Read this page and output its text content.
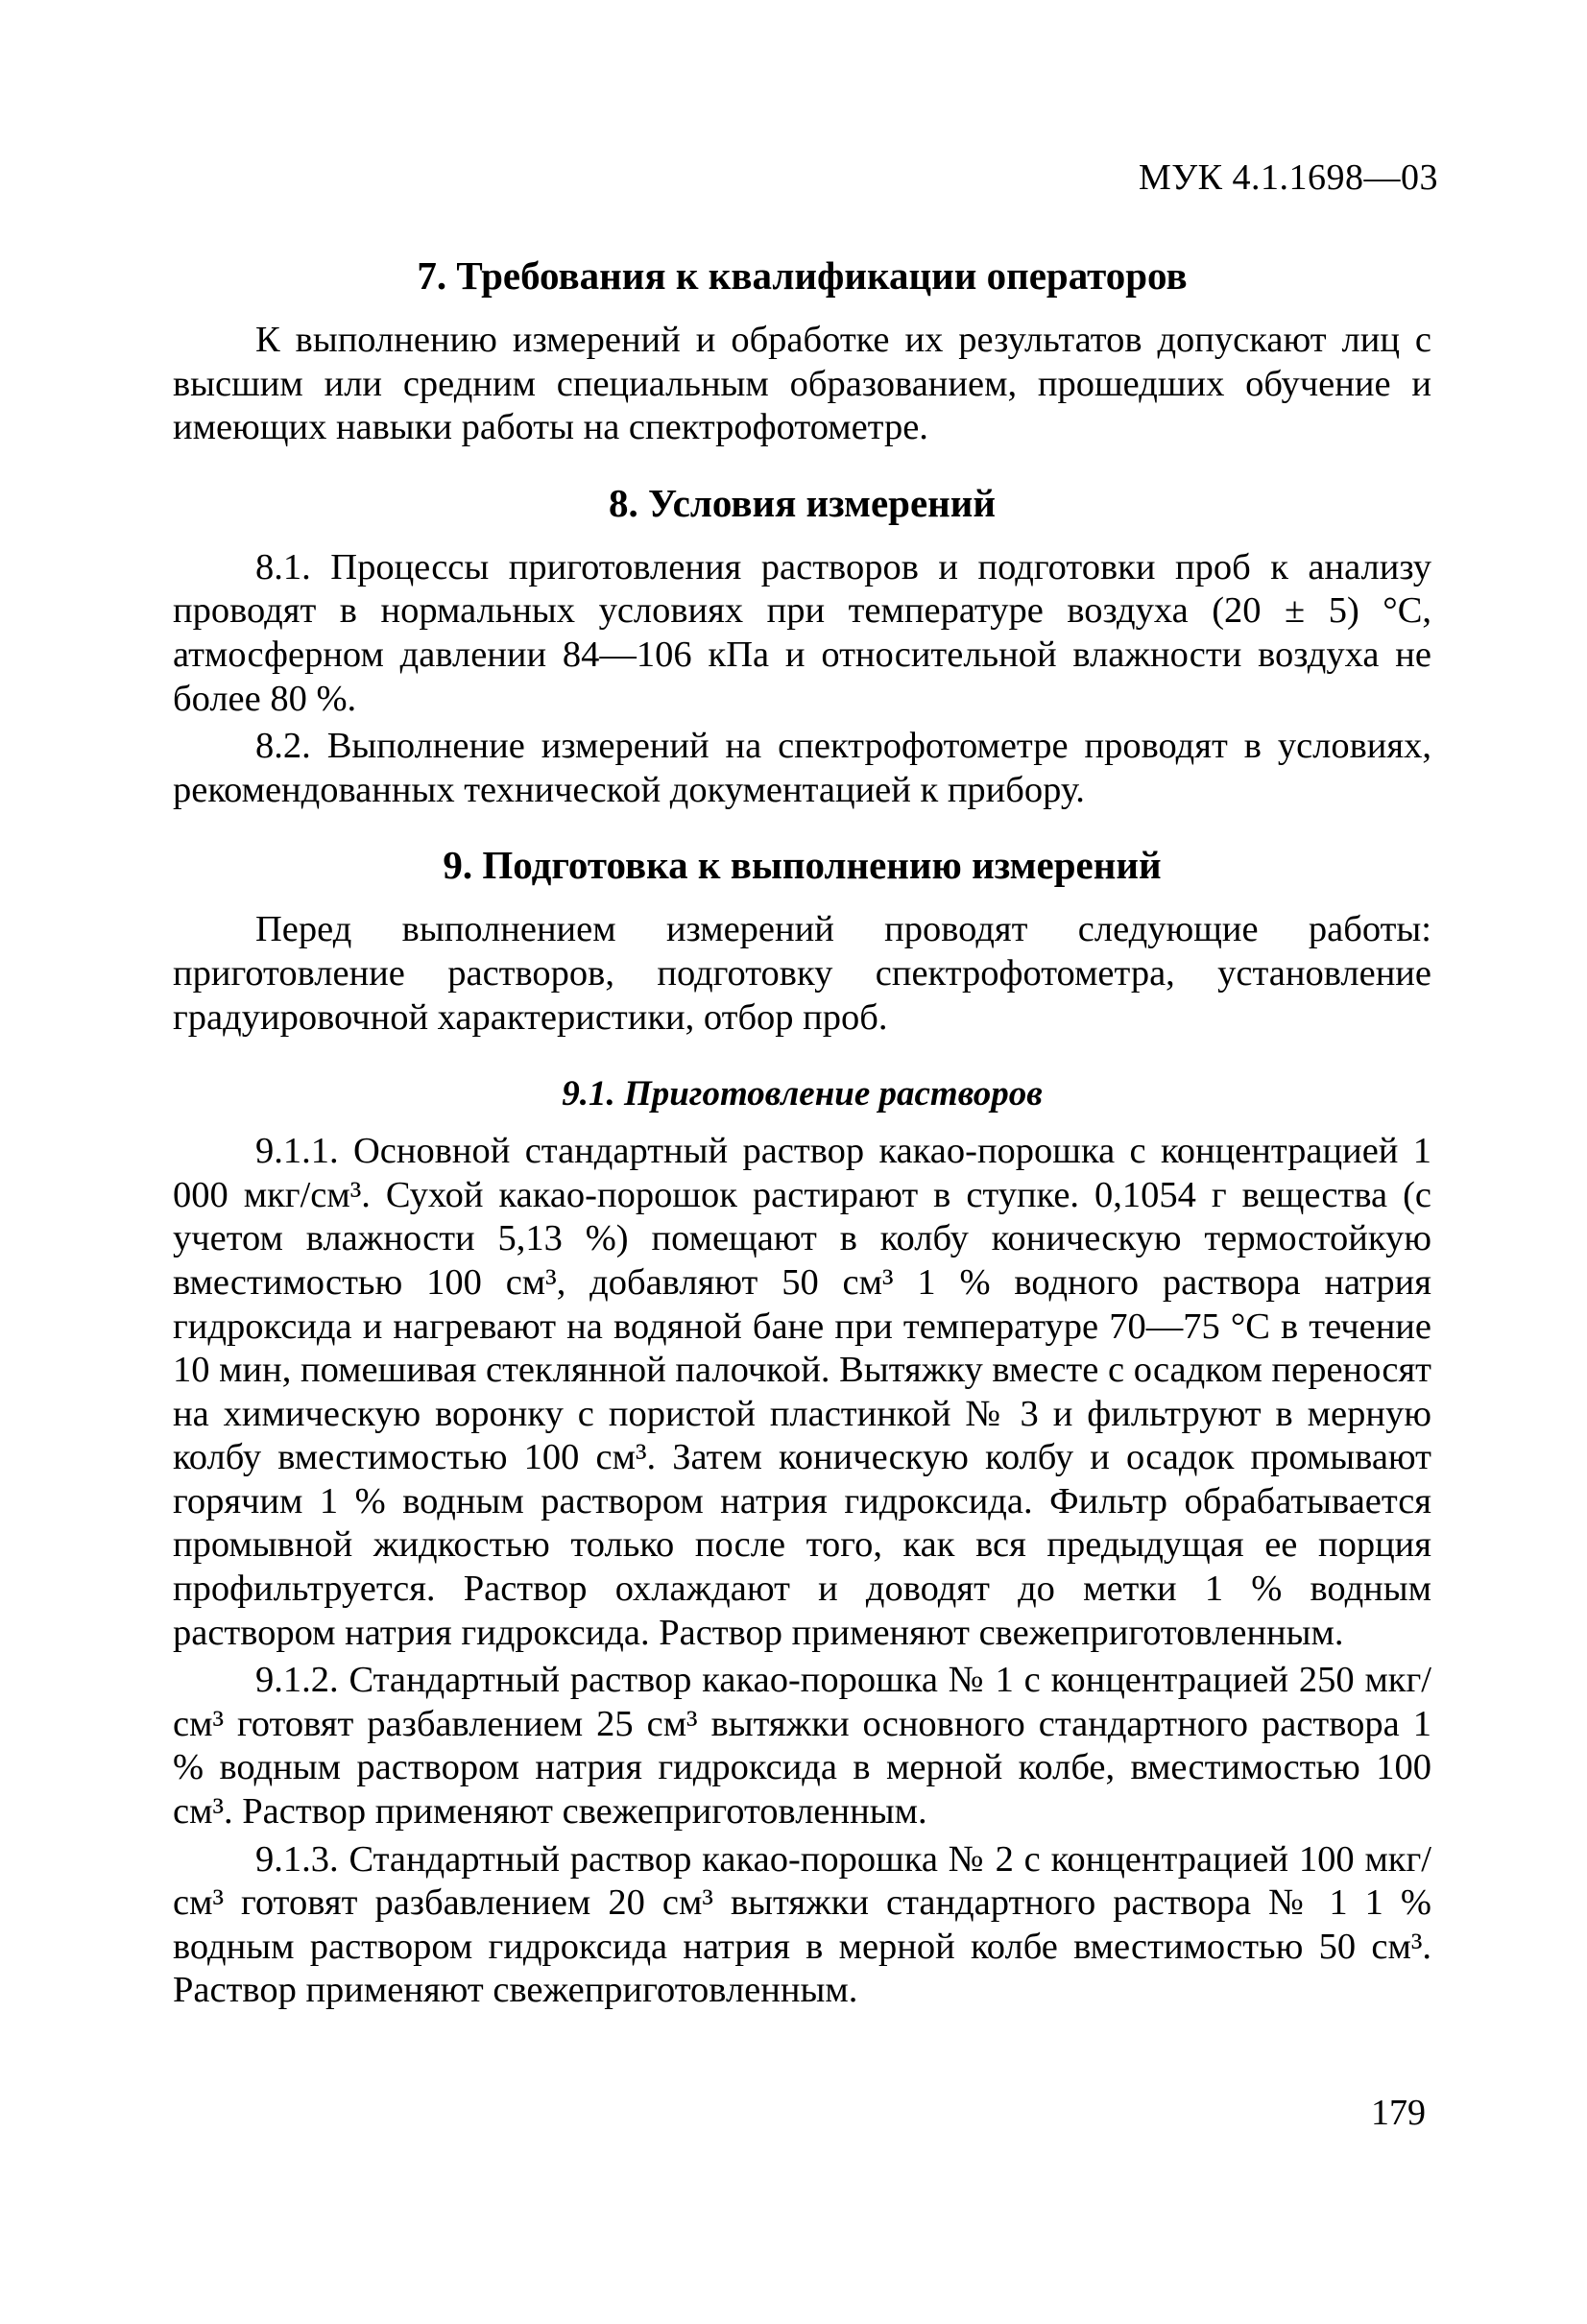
МУК 4.1.1698—03
7. Требования к квалификации операторов

К выполнению измерений и обработке их результатов допускают лиц с высшим или средним специальным образованием, прошедших обучение и имеющих навыки работы на спектрофотометре.

8. Условия измерений

8.1. Процессы приготовления растворов и подготовки проб к анализу проводят в нормальных условиях при температуре воздуха (20 ± 5) °С, атмосферном давлении 84—106 кПа и относительной влажности воздуха не более 80 %.

8.2. Выполнение измерений на спектрофотометре проводят в условиях, рекомендованных технической документацией к прибору.

9. Подготовка к выполнению измерений

Перед выполнением измерений проводят следующие работы: приготовление растворов, подготовку спектрофотометра, установление градуировочной характеристики, отбор проб.

9.1. Приготовление растворов

9.1.1. Основной стандартный раствор какао-порошка с концентрацией 1 000 мкг/см³. Сухой какао-порошок растирают в ступке. 0,1054 г вещества (с учетом влажности 5,13 %) помещают в колбу коническую термостойкую вместимостью 100 см³, добавляют 50 см³ 1 % водного раствора натрия гидроксида и нагревают на водяной бане при температуре 70—75 °С в течение 10 мин, помешивая стеклянной палочкой. Вытяжку вместе с осадком переносят на химическую воронку с пористой пластинкой № 3 и фильтруют в мерную колбу вместимостью 100 см³. Затем коническую колбу и осадок промывают горячим 1 % водным раствором натрия гидроксида. Фильтр обрабатывается промывной жидкостью только после того, как вся предыдущая ее порция профильтруется. Раствор охлаждают и доводят до метки 1 % водным раствором натрия гидроксида. Раствор применяют свежеприготовленным.

9.1.2. Стандартный раствор какао-порошка № 1 с концентрацией 250 мкг/см³ готовят разбавлением 25 см³ вытяжки основного стандартного раствора 1 % водным раствором натрия гидроксида в мерной колбе, вместимостью 100 см³. Раствор применяют свежеприготовленным.

9.1.3. Стандартный раствор какао-порошка № 2 с концентрацией 100 мкг/см³ готовят разбавлением 20 см³ вытяжки стандартного раствора № 1 1 % водным раствором гидроксида натрия в мерной колбе вместимостью 50 см³. Раствор применяют свежеприготовленным.

179
